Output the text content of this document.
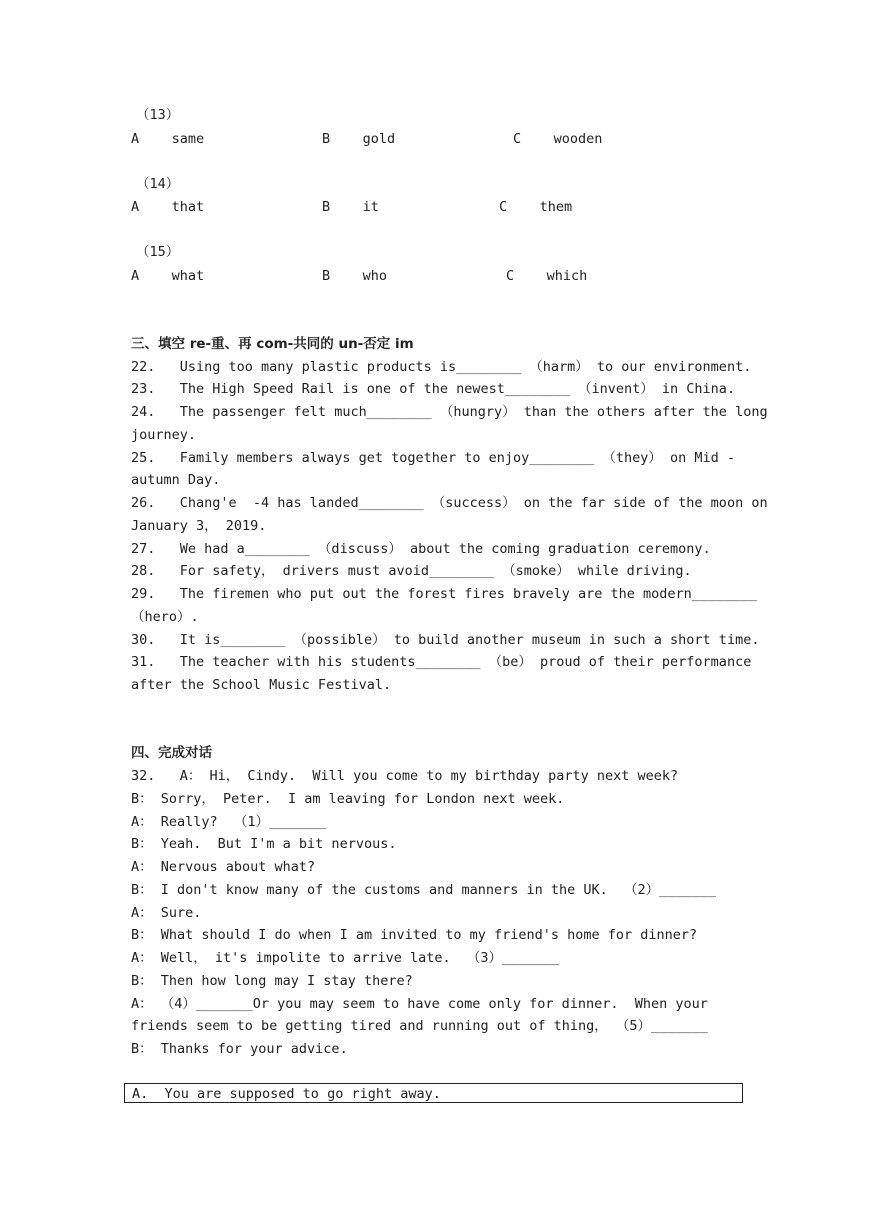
（13）
A    same	B    gold	C    wooden
（14）
A    that	B    it	C    them
（15）
A    what	B    who	C    which
三、填空 re-重、再 com-共同的 un-否定 im
22.   Using too many plastic products is________ （harm） to our environment.
23.   The High Speed Rail is one of the newest________ （invent） in China.
24.   The passenger felt much________ （hungry） than the others after the long
journey.
25.   Family members always get together to enjoy________ （they） on Mid -
autumn Day.
26.   Chang'e  -4 has landed________ （success） on the far side of the moon on
January 3， 2019.
27.   We had a________ （discuss） about the coming graduation ceremony.
28.   For safety， drivers must avoid________ （smoke） while driving.
29.   The firemen who put out the forest fires bravely are the modern________
（hero）.
30.   It is________ （possible） to build another museum in such a short time.
31.   The teacher with his students________ （be） proud of their performance
after the School Music Festival.
四、完成对话
32.   A： Hi， Cindy.  Will you come to my birthday party next week?
B： Sorry， Peter.  I am leaving for London next week.
A： Really?  （1）_______
B： Yeah.  But I'm a bit nervous.
A： Nervous about what?
B： I don't know many of the customs and manners in the UK.  （2）_______
A： Sure.
B： What should I do when I am invited to my friend's home for dinner?
A： Well， it's impolite to arrive late.  （3）_______
B： Then how long may I stay there?
A： （4）_______Or you may seem to have come only for dinner.  When your
friends seem to be getting tired and running out of thing， （5）_______
B： Thanks for your advice.
A.  You are supposed to go right away.
